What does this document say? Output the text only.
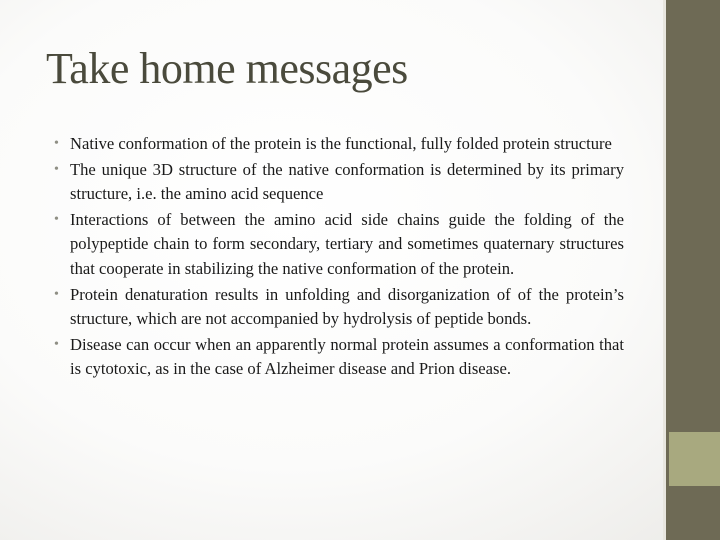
Take home messages
• Native conformation of the protein is the functional, fully folded protein structure
• The unique 3D structure of the native conformation is determined by its primary structure, i.e. the amino acid sequence
• Interactions of between the amino acid side chains guide the folding of the polypeptide chain to form secondary, tertiary and sometimes quaternary structures that cooperate in stabilizing the native conformation of the protein.
• Protein denaturation results in unfolding and disorganization of of the protein’s structure, which are not accompanied by hydrolysis of peptide bonds.
• Disease can occur when an apparently normal protein assumes a conformation that is cytotoxic, as in the case of Alzheimer disease and Prion disease.
